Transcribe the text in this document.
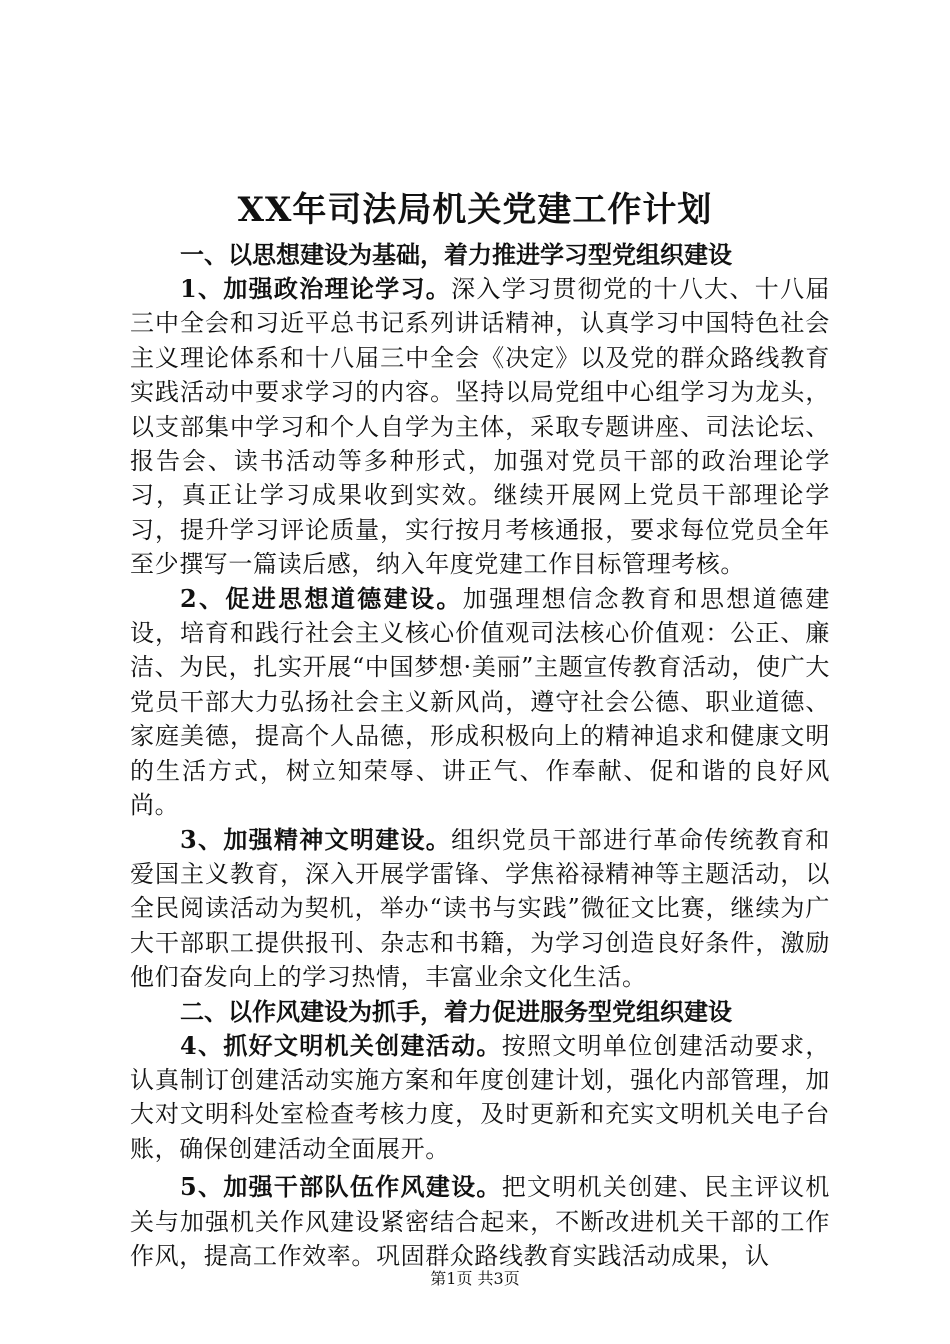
XX年司法局机关党建工作计划

一、以思想建设为基础，着力推进学习型党组织建设

1、加强政治理论学习。深入学习贯彻党的十八大、十八届三中全会和习近平总书记系列讲话精神，认真学习中国特色社会主义理论体系和十八届三中全会《决定》以及党的群众路线教育实践活动中要求学习的内容。坚持以局党组中心组学习为龙头，以支部集中学习和个人自学为主体，采取专题讲座、司法论坛、报告会、读书活动等多种形式，加强对党员干部的政治理论学习，真正让学习成果收到实效。继续开展网上党员干部理论学习，提升学习评论质量，实行按月考核通报，要求每位党员全年至少撰写一篇读后感，纳入年度党建工作目标管理考核。

2、促进思想道德建设。加强理想信念教育和思想道德建设，培育和践行社会主义核心价值观司法核心价值观：公正、廉洁、为民，扎实开展“中国梦想·美丽”主题宣传教育活动，使广大党员干部大力弘扬社会主义新风尚，遵守社会公德、职业道德、家庭美德，提高个人品德，形成积极向上的精神追求和健康文明的生活方式，树立知荣辱、讲正气、作奉献、促和谐的良好风尚。

3、加强精神文明建设。组织党员干部进行革命传统教育和爱国主义教育，深入开展学雷锋、学焦裕禄精神等主题活动，以全民阅读活动为契机，举办“读书与实践”微征文比赛，继续为广大干部职工提供报刊、杂志和书籍，为学习创造良好条件，激励他们奋发向上的学习热情，丰富业余文化生活。

二、以作风建设为抓手，着力促进服务型党组织建设

4、抓好文明机关创建活动。按照文明单位创建活动要求，认真制订创建活动实施方案和年度创建计划，强化内部管理，加大对文明科处室检查考核力度，及时更新和充实文明机关电子台账，确保创建活动全面展开。

5、加强干部队伍作风建设。把文明机关创建、民主评议机关与加强机关作风建设紧密结合起来，不断改进机关干部的工作作风，提高工作效率。巩固群众路线教育实践活动成果，认

第1页 共3页
